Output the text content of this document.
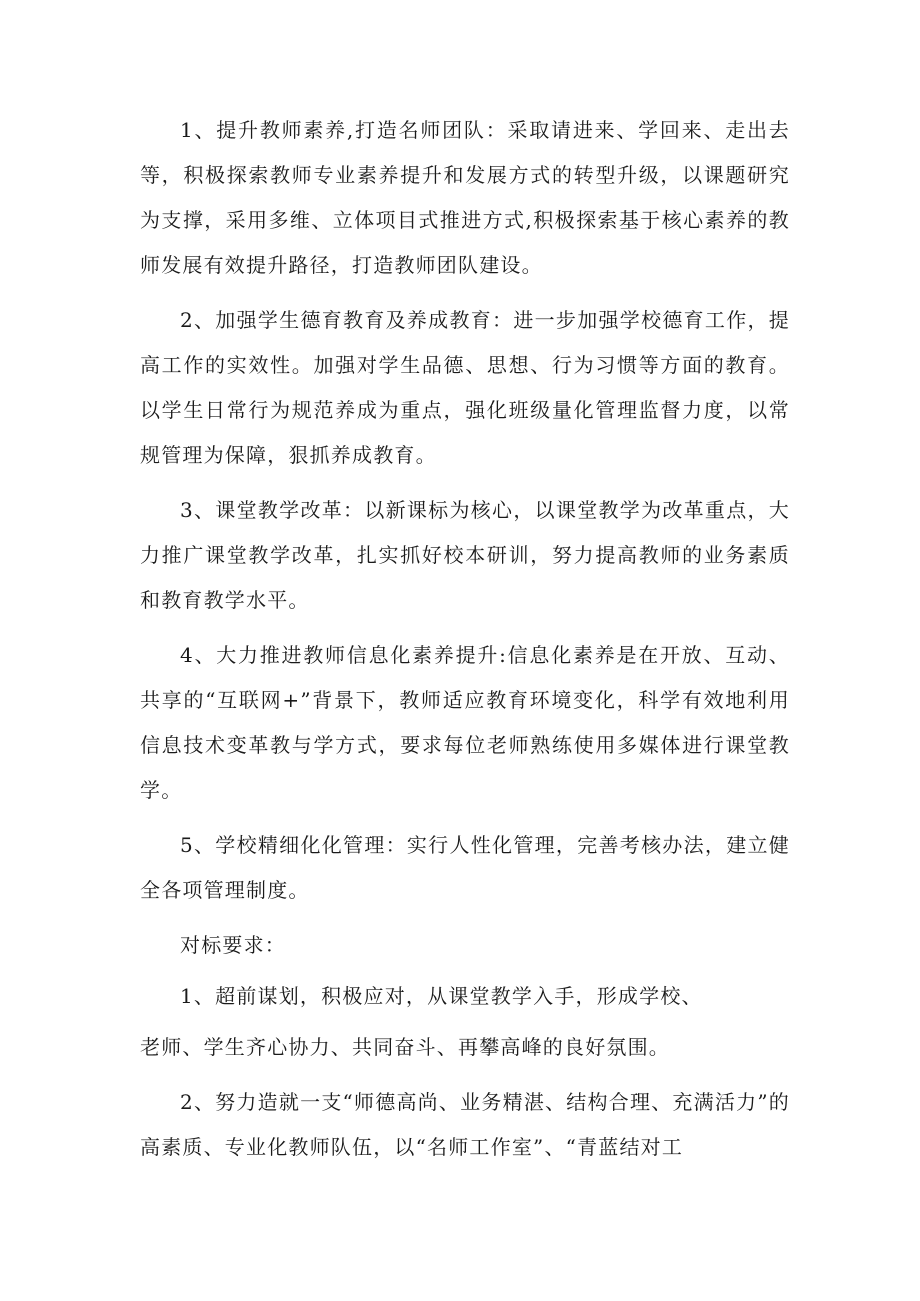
1、提升教师素养,打造名师团队：采取请进来、学回来、走出去等，积极探索教师专业素养提升和发展方式的转型升级，以课题研究为支撑，采用多维、立体项目式推进方式,积极探索基于核心素养的教师发展有效提升路径，打造教师团队建设。

2、加强学生德育教育及养成教育：进一步加强学校德育工作，提高工作的实效性。加强对学生品德、思想、行为习惯等方面的教育。以学生日常行为规范养成为重点，强化班级量化管理监督力度，以常规管理为保障，狠抓养成教育。

3、课堂教学改革：以新课标为核心，以课堂教学为改革重点，大力推广课堂教学改革，扎实抓好校本研训，努力提高教师的业务素质和教育教学水平。

4、大力推进教师信息化素养提升:信息化素养是在开放、互动、共享的“互联网+”背景下，教师适应教育环境变化，科学有效地利用信息技术变革教与学方式，要求每位老师熟练使用多媒体进行课堂教学。

5、学校精细化化管理：实行人性化管理，完善考核办法，建立健全各项管理制度。

对标要求：

1、超前谋划，积极应对，从课堂教学入手，形成学校、

老师、学生齐心协力、共同奋斗、再攀高峰的良好氛围。

2、努力造就一支“师德高尚、业务精湛、结构合理、充满活力”的高素质、专业化教师队伍，以“名师工作室”、“青蓝结对工
